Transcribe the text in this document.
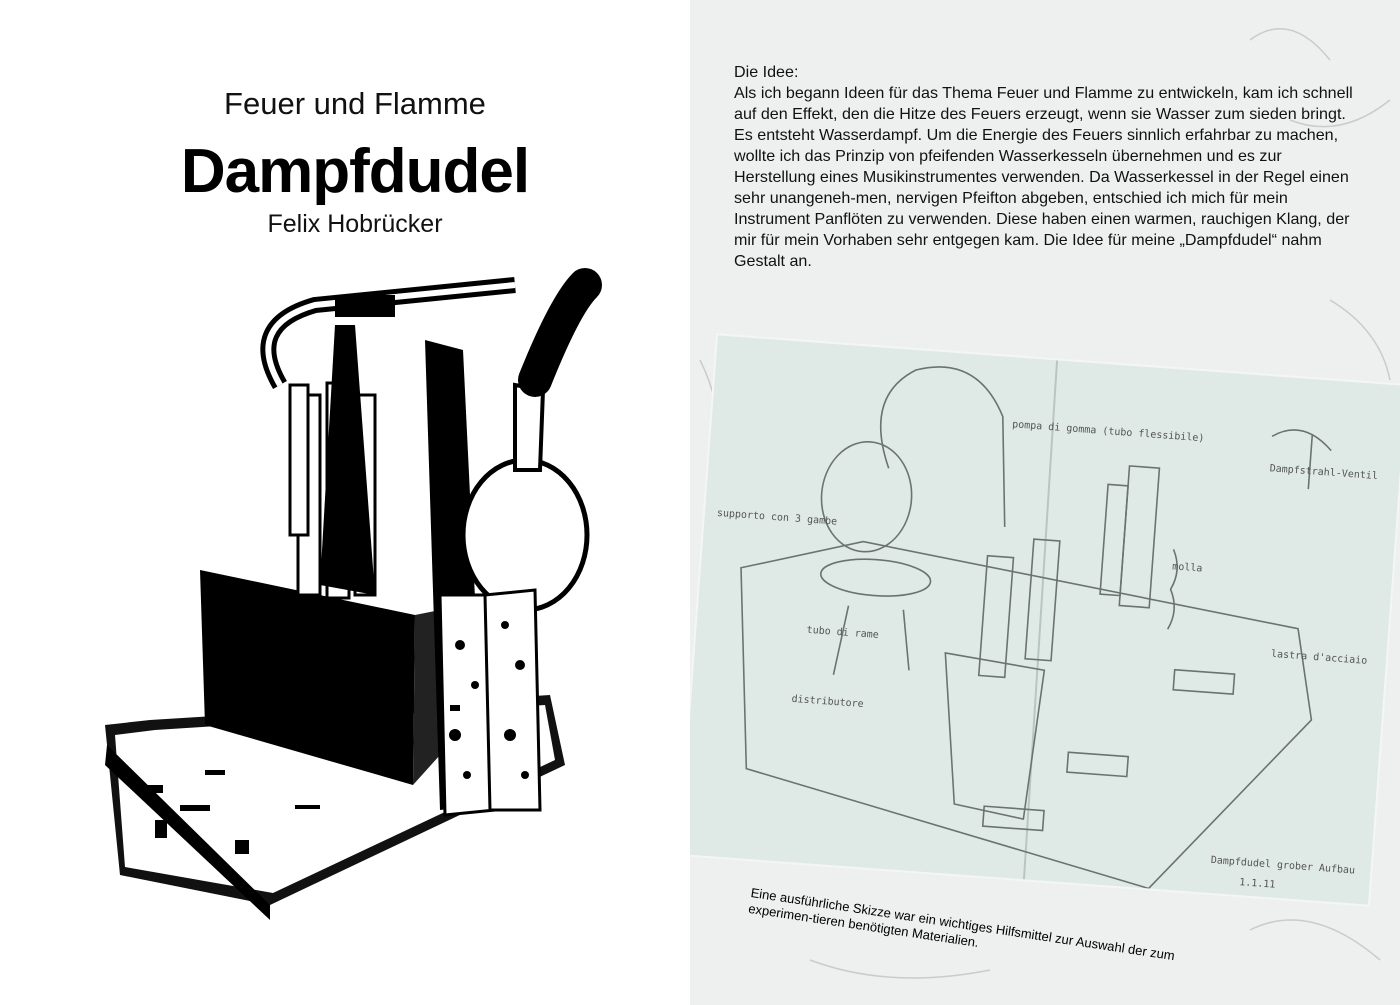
Feuer und Flamme
Dampfdudel
Felix Hobrücker

Die Idee:

Als ich begann Ideen für das Thema Feuer und Flamme zu entwickeln, kam ich schnell auf den Effekt, den die Hitze des Feuers erzeugt, wenn sie Wasser zum sieden bringt. Es entsteht Wasserdampf. Um die Energie des Feuers sinnlich erfahrbar zu machen, wollte ich das Prinzip von pfeifenden Wasserkesseln übernehmen und es zur Herstellung eines Musikinstrumentes verwenden. Da Wasserkessel in der Regel einen sehr unangeneh-men, nervigen Pfeifton abgeben, entschied ich mich für mein Instrument Panflöten zu verwenden. Diese haben einen warmen, rauchigen Klang, der mir für mein Vorhaben sehr entgegen kam. Die Idee für meine „Dampfdudel“ nahm Gestalt an.

pompa di gomma (tubo flessibile)
supporto con 3 gambe
tubo di rame
distributore
molla
lastra d'acciaio
Dampfstrahl-Ventil
Dampfdudel grober Aufbau
1.1.11
Eine ausführliche Skizze war ein wichtiges Hilfsmittel zur Auswahl der zum experimen-tieren benötigten Materialien.
